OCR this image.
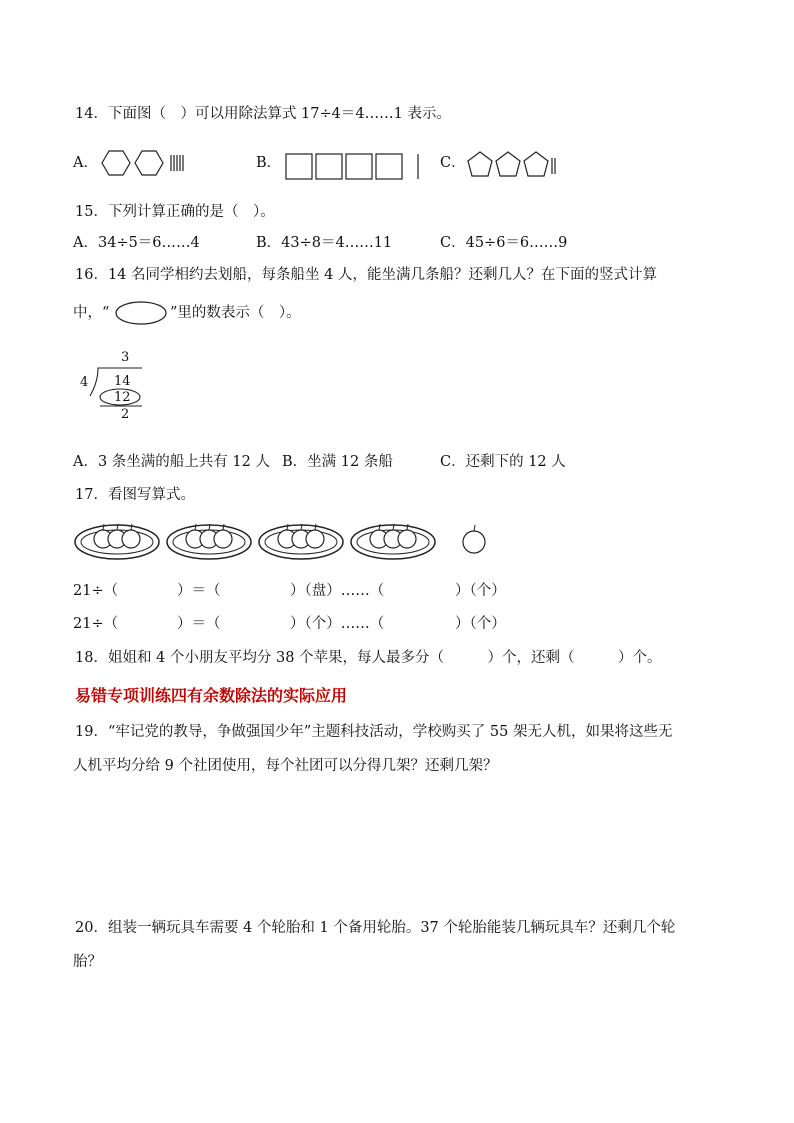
14．下面图（　）可以用除法算式 17÷4＝4……1 表示。
A．	B．	C．
15．下列计算正确的是（　）。
A．34÷5＝6……4	B．43÷8＝4……11	C．45÷6＝6……9
16．14 名同学相约去划船，每条船坐 4 人，能坐满几条船？还剩几人？在下面的竖式计算
中，“	”里的数表示（　）。
3
4 14
12
2
A．3 条坐满的船上共有 12 人 B．坐满 12 条船	C．还剩下的 12 人
17．看图写算式。
21÷（	）＝（	）（盘）……（	）（个）
21÷（	）＝（	）（个）……（	）（个）
18．姐姐和 4 个小朋友平均分 38 个苹果，每人最多分（　　　）个，还剩（　　　）个。
易错专项训练四有余数除法的实际应用
19．“牢记党的教导，争做强国少年”主题科技活动，学校购买了 55 架无人机，如果将这些无
人机平均分给 9 个社团使用，每个社团可以分得几架？还剩几架？
20．组装一辆玩具车需要 4 个轮胎和 1 个备用轮胎。37 个轮胎能装几辆玩具车？还剩几个轮
胎？
